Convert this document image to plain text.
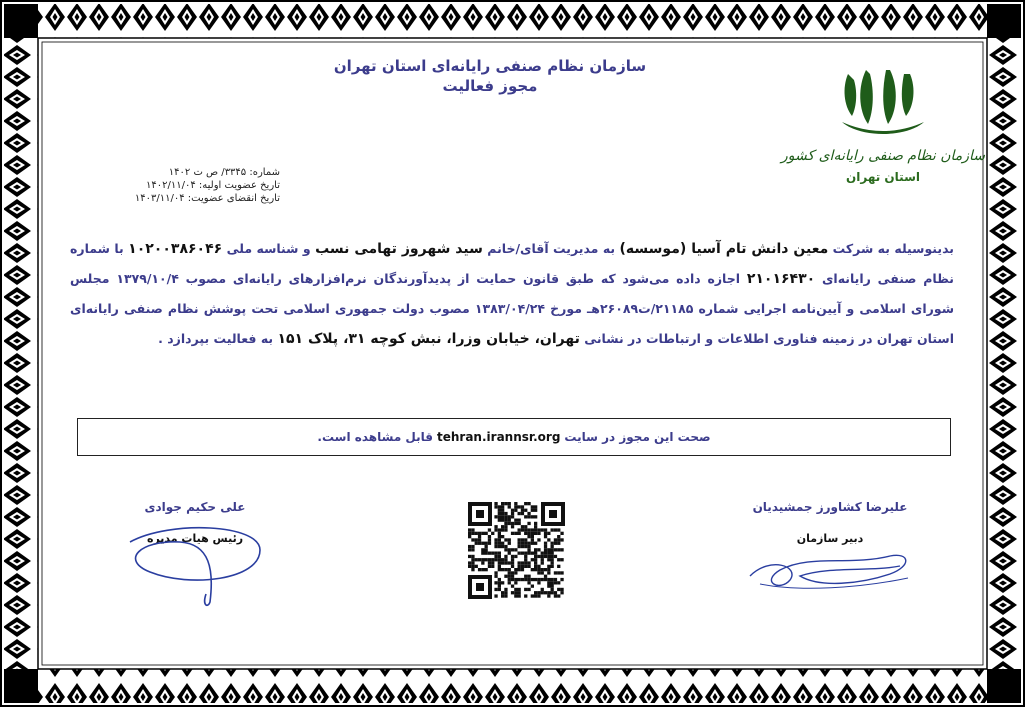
سازمان نظام صنفی رایانه‌ای استان تهران
مجوز فعالیت
سازمان نظام صنفی رایانه‌ای کشور
استان تهران
شماره: ۳۳۴۵/ ص ت ۱۴۰۲
تاریخ عضویت اولیه: ۱۴۰۲/۱۱/۰۴
تاریخ انقضای عضویت: ۱۴۰۳/۱۱/۰۴
بدینوسیله به شرکت معین دانش تام آسیا (موسسه) به مدیریت آقای/خانم سید شهروز تهامی نسب و شناسه ملی ۱۰۲۰۰۳۸۶۰۴۶ با شماره نظام صنفی رایانه‌ای ۲۱۰۱۶۴۳۰ اجازه داده می‌شود که طبق قانون حمایت از پدیدآورندگان نرم‌افزارهای رایانه‌ای مصوب ۱۳۷۹/۱۰/۴ مجلس شورای اسلامی و آیین‌نامه اجرایی شماره ۲۱۱۸۵/ت۲۶۰۸۹هـ مورخ ۱۳۸۳/۰۴/۲۴ مصوب دولت جمهوری اسلامی تحت پوشش نظام صنفی رایانه‌ای استان تهران در زمینه فناوری اطلاعات و ارتباطات در نشانی تهران، خیابان وزرا، نبش کوچه ۳۱، پلاک ۱۵۱ به فعالیت بپردازد .
صحت این مجوز در سایت
tehran.irannsr.org
قابل مشاهده است.
علی حکیم جوادی
رئیس هیات مدیره
علیرضا کشاورز جمشیدیان
دبیر سازمان
